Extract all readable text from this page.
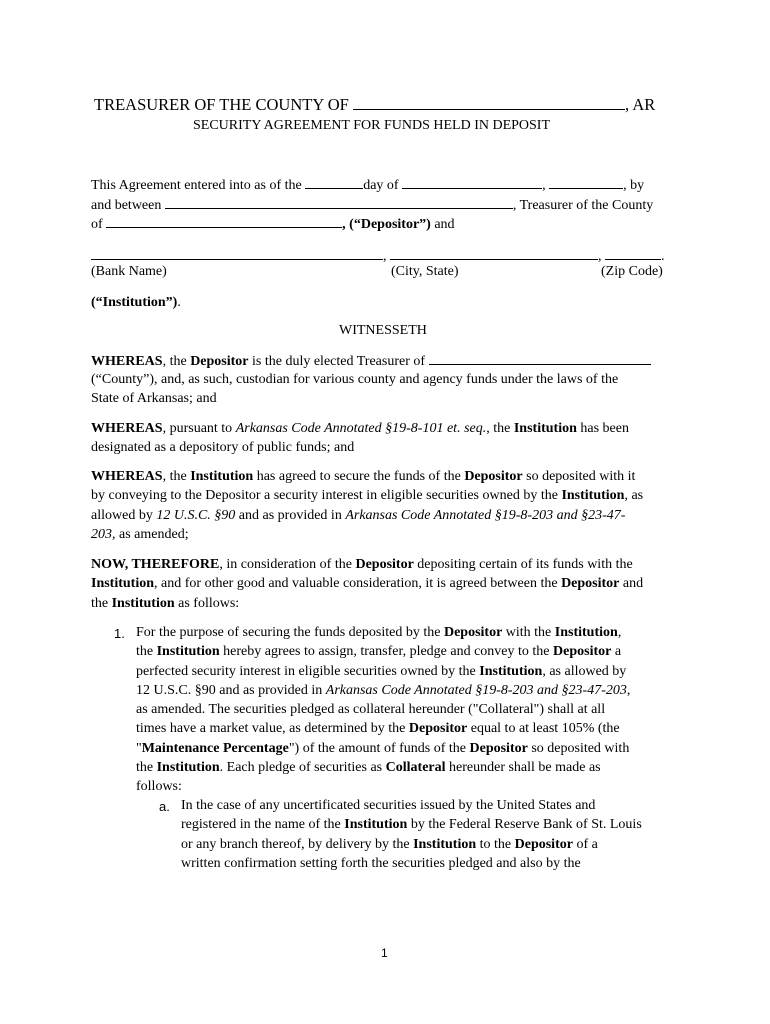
TREASURER OF THE COUNTY OF	, AR
SECURITY AGREEMENT FOR FUNDS HELD IN DEPOSIT
This Agreement entered into as of the	day of	,	, by
and between	, Treasurer of the County
of	, (“Depositor”) and
,	,	.
(Bank Name)	(City, State)	(Zip Code)
(“Institution”).
WITNESSETH
WHEREAS, the Depositor is the duly elected Treasurer of
(“County”), and, as such, custodian for various county and agency funds under the laws of the
State of Arkansas; and
WHEREAS, pursuant to Arkansas Code Annotated §19-8-101 et. seq., the Institution has been
designated as a depository of public funds; and
WHEREAS, the Institution has agreed to secure the funds of the Depositor so deposited with it
by conveying to the Depositor a security interest in eligible securities owned by the Institution, as
allowed by 12 U.S.C. §90 and as provided in Arkansas Code Annotated §19-8-203 and §23-47-
203, as amended;
NOW, THEREFORE, in consideration of the Depositor depositing certain of its funds with the
Institution, and for other good and valuable consideration, it is agreed between the Depositor and
the Institution as follows:
1. For the purpose of securing the funds deposited by the Depositor with the Institution,
the Institution hereby agrees to assign, transfer, pledge and convey to the Depositor a
perfected security interest in eligible securities owned by the Institution, as allowed by
12 U.S.C. §90 and as provided in Arkansas Code Annotated §19-8-203 and §23-47-203,
as amended. The securities pledged as collateral hereunder ("Collateral") shall at all
times have a market value, as determined by the Depositor equal to at least 105% (the
"Maintenance Percentage") of the amount of funds of the Depositor so deposited with
the Institution. Each pledge of securities as Collateral hereunder shall be made as
follows:
a. In the case of any uncertificated securities issued by the United States and
registered in the name of the Institution by the Federal Reserve Bank of St. Louis
or any branch thereof, by delivery by the Institution to the Depositor of a
written confirmation setting forth the securities pledged and also by the
1
